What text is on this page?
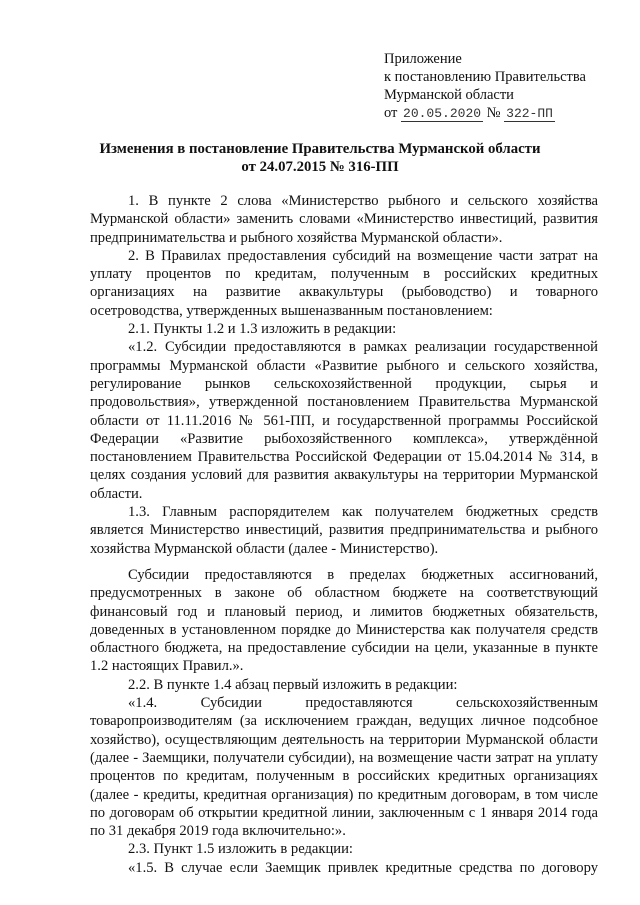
Приложение
к постановлению Правительства
Мурманской области
от 20.05.2020 № 322-ПП
Изменения в постановление Правительства Мурманской области
от 24.07.2015 № 316-ПП

1. В пункте 2 слова «Министерство рыбного и сельского хозяйства Мурманской области» заменить словами «Министерство инвестиций, развития предпринимательства и рыбного хозяйства Мурманской области».

2. В Правилах предоставления субсидий на возмещение части затрат на уплату процентов по кредитам, полученным в российских кредитных организациях на развитие аквакультуры (рыбоводство) и товарного осетроводства, утвержденных вышеназванным постановлением:

2.1. Пункты 1.2 и 1.3 изложить в редакции:

«1.2. Субсидии предоставляются в рамках реализации государственной программы Мурманской области «Развитие рыбного и сельского хозяйства, регулирование рынков сельскохозяйственной продукции, сырья и продовольствия», утвержденной постановлением Правительства Мурманской области от 11.11.2016 № 561-ПП, и государственной программы Российской Федерации «Развитие рыбохозяйственного комплекса», утверждённой постановлением Правительства Российской Федерации от 15.04.2014 № 314, в целях создания условий для развития аквакультуры на территории Мурманской области.

1.3. Главным распорядителем как получателем бюджетных средств является Министерство инвестиций, развития предпринимательства и рыбного хозяйства Мурманской области (далее - Министерство).

Субсидии предоставляются в пределах бюджетных ассигнований, предусмотренных в законе об областном бюджете на соответствующий финансовый год и плановый период, и лимитов бюджетных обязательств, доведенных в установленном порядке до Министерства как получателя средств областного бюджета, на предоставление субсидии на цели, указанные в пункте 1.2 настоящих Правил.».

2.2. В пункте 1.4 абзац первый изложить в редакции:

«1.4. Субсидии предоставляются сельскохозяйственным товаропроизводителям (за исключением граждан, ведущих личное подсобное хозяйство), осуществляющим деятельность на территории Мурманской области (далее - Заемщики, получатели субсидии), на возмещение части затрат на уплату процентов по кредитам, полученным в российских кредитных организациях (далее - кредиты, кредитная организация) по кредитным договорам, в том числе по договорам об открытии кредитной линии, заключенным с 1 января 2014 года по 31 декабря 2019 года включительно:».

2.3. Пункт 1.5 изложить в редакции:

«1.5. В случае если Заемщик привлек кредитные средства по договору
